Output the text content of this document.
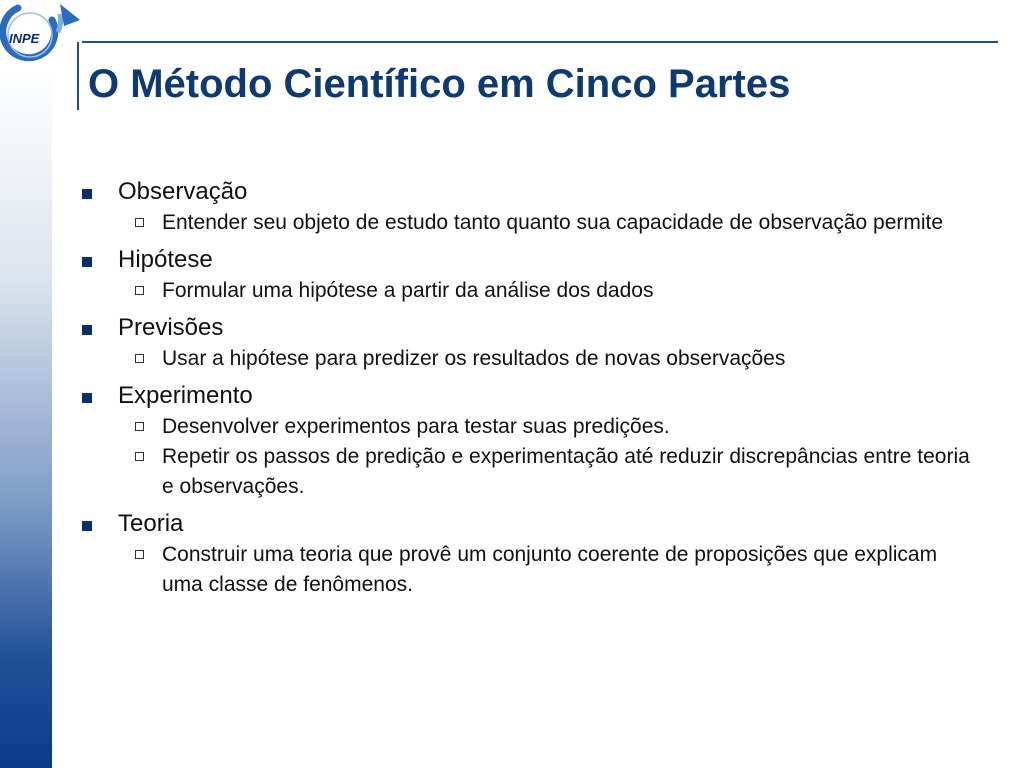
INPE
O Método Científico em Cinco Partes
Observação
Entender seu objeto de estudo tanto quanto sua capacidade de observação permite
Hipótese
Formular uma hipótese a partir da análise dos dados
Previsões
Usar a hipótese para predizer os resultados de novas observações
Experimento
Desenvolver experimentos para testar suas predições.
Repetir os passos de predição e experimentação até reduzir discrepâncias entre teoria e observações.
Teoria
Construir uma teoria que provê um conjunto coerente de proposições que explicam uma classe de fenômenos.
